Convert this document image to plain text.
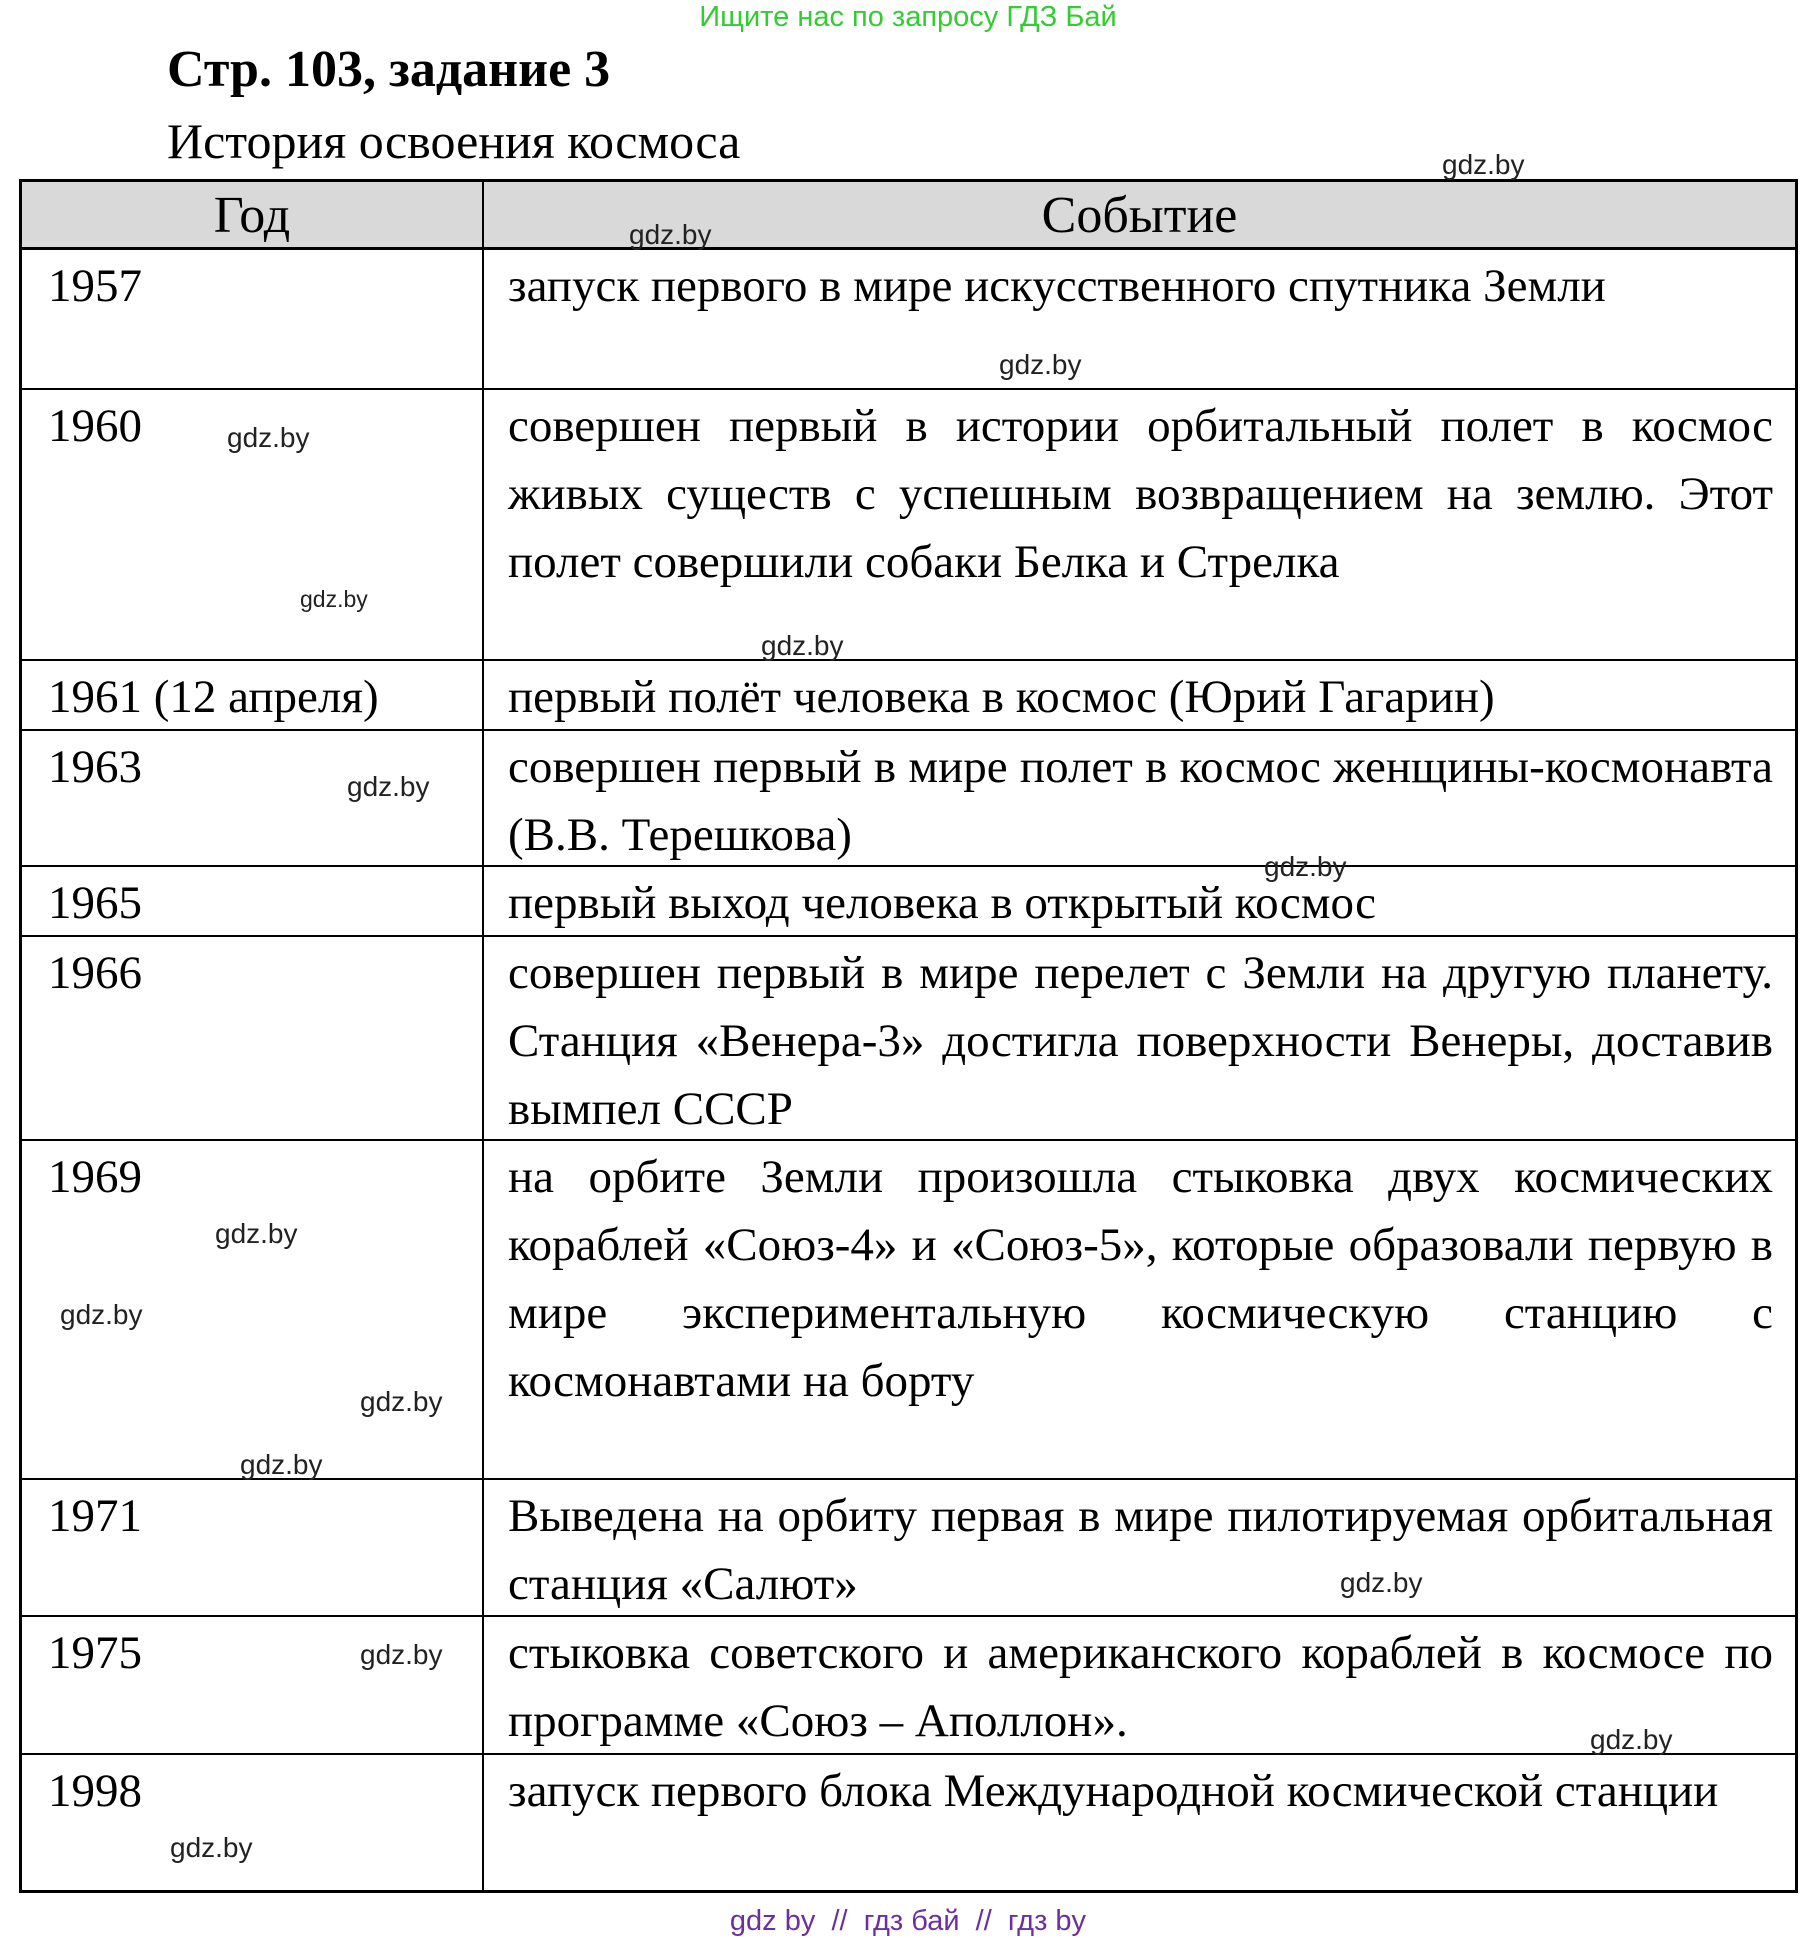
Ищите нас по запросу ГДЗ Бай
Стр. 103, задание 3
История освоения космоса
Год	Событие
1957	запуск первого в мире искусственного спутника Земли
1960	совершен первый в истории орбитальный полет в космос живых существ с успешным возвращением на землю. Этот полет совершили собаки Белка и Стрелка
1961 (12 апреля)	первый полёт человека в космос (Юрий Гагарин)
1963	совершен первый в мире полет в космос женщины-космонавта (В.В. Терешкова)
1965	первый выход человека в открытый космос
1966	совершен первый в мире перелет с Земли на другую планету. Станция «Венера-3» достигла поверхности Венеры, доставив вымпел СССР
1969	на орбите Земли произошла стыковка двух космических кораблей «Союз-4» и «Союз-5», которые образовали первую в мире экспериментальную космическую станцию с космонавтами на борту
1971	Выведена на орбиту первая в мире пилотируемая орбитальная станция «Салют»
1975	стыковка советского и американского кораблей в космосе по программе «Союз – Аполлон».
1998	запуск первого блока Международной космической станции
gdz.by
gdz.by
gdz.by
gdz.by
gdz.by
gdz.by
gdz.by
gdz.by
gdz.by
gdz.by
gdz.by
gdz.by
gdz.by
gdz.by
gdz.by
gdz.by
gdz by  //  гдз бай  //  гдз by
